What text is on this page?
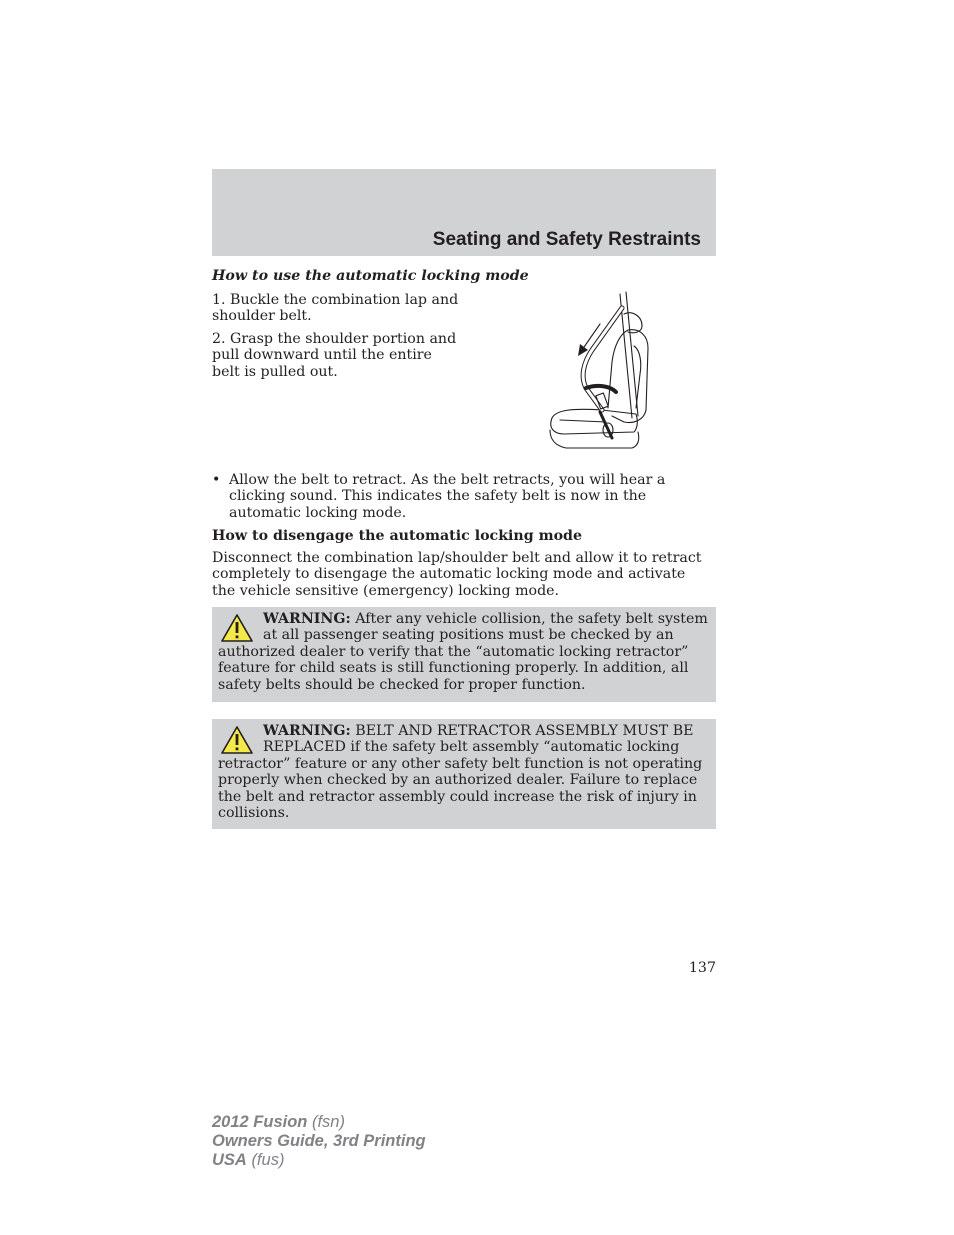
Seating and Safety Restraints

How to use the automatic locking mode

1. Buckle the combination lap and shoulder belt.

2. Grasp the shoulder portion and pull downward until the entire belt is pulled out.

• Allow the belt to retract. As the belt retracts, you will hear a clicking sound. This indicates the safety belt is now in the automatic locking mode.

How to disengage the automatic locking mode

Disconnect the combination lap/shoulder belt and allow it to retract completely to disengage the automatic locking mode and activate the vehicle sensitive (emergency) locking mode.

WARNING: After any vehicle collision, the safety belt system at all passenger seating positions must be checked by an authorized dealer to verify that the “automatic locking retractor” feature for child seats is still functioning properly. In addition, all safety belts should be checked for proper function.
WARNING: BELT AND RETRACTOR ASSEMBLY MUST BE REPLACED if the safety belt assembly “automatic locking retractor” feature or any other safety belt function is not operating properly when checked by an authorized dealer. Failure to replace the belt and retractor assembly could increase the risk of injury in collisions.

137

2012 Fusion (fsn)
Owners Guide, 3rd Printing
USA (fus)
